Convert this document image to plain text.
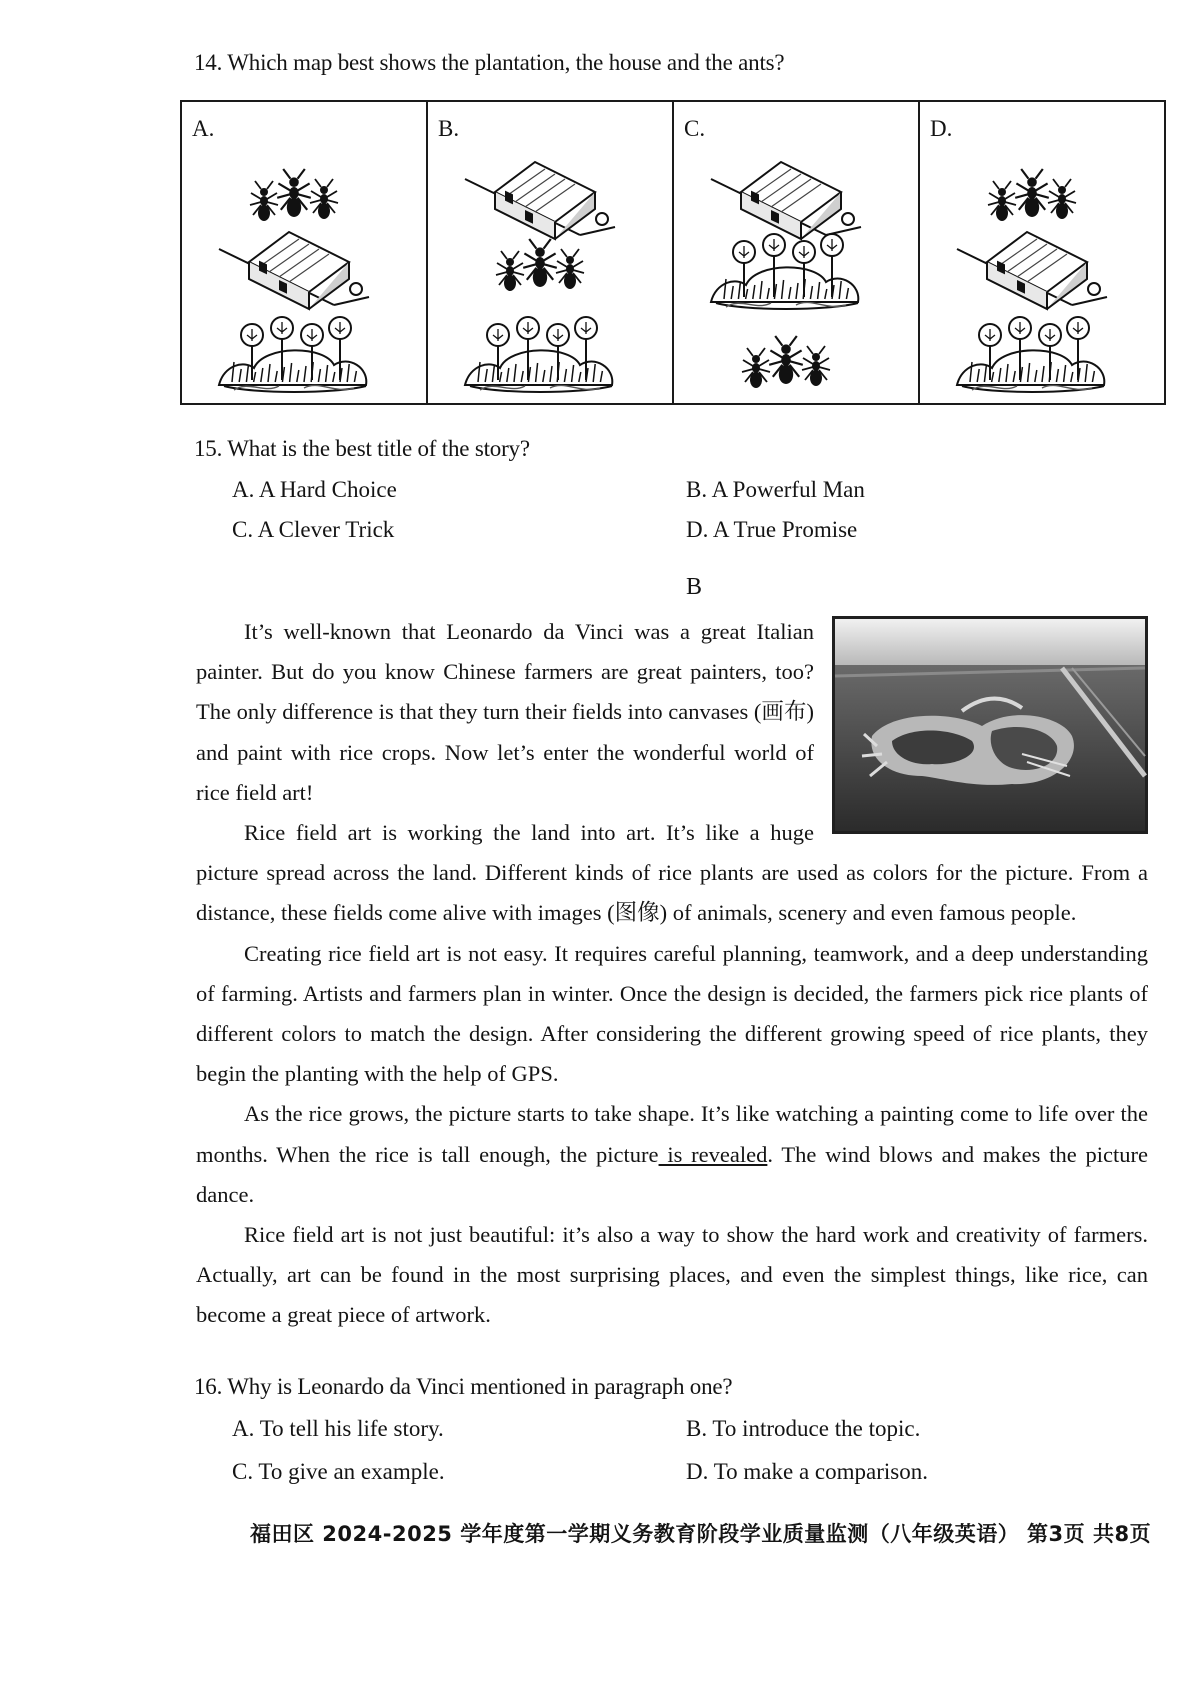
14. Which map best shows the plantation, the house and the ants?
A.	B.	C.	D.
15. What is the best title of the story?
A. A Hard Choice	B. A Powerful Man
C. A Clever Trick	D. A True Promise
B

It’s well-known that Leonardo da Vinci was a great Italian painter. But do you know Chinese farmers are great painters, too? The only difference is that they turn their fields into canvases (画布) and paint with rice crops. Now let’s enter the wonderful world of rice field art!

Rice field art is working the land into art. It’s like a huge picture spread across the land. Different kinds of rice plants are used as colors for the picture. From a distance, these fields come alive with images (图像) of animals, scenery and even famous people.

Creating rice field art is not easy. It requires careful planning, teamwork, and a deep understanding of farming. Artists and farmers plan in winter. Once the design is decided, the farmers pick rice plants of different colors to match the design. After considering the different growing speed of rice plants, they begin the planting with the help of GPS.

As the rice grows, the picture starts to take shape. It’s like watching a painting come to life over the months. When the rice is tall enough, the picture is revealed. The wind blows and makes the picture dance.

Rice field art is not just beautiful: it’s also a way to show the hard work and creativity of farmers. Actually, art can be found in the most surprising places, and even the simplest things, like rice, can become a great piece of artwork.

16. Why is Leonardo da Vinci mentioned in paragraph one?
A. To tell his life story.	B. To introduce the topic.
C. To give an example.	D. To make a comparison.
福田区 2024-2025 学年度第一学期义务教育阶段学业质量监测（八年级英语） 第3页 共8页
